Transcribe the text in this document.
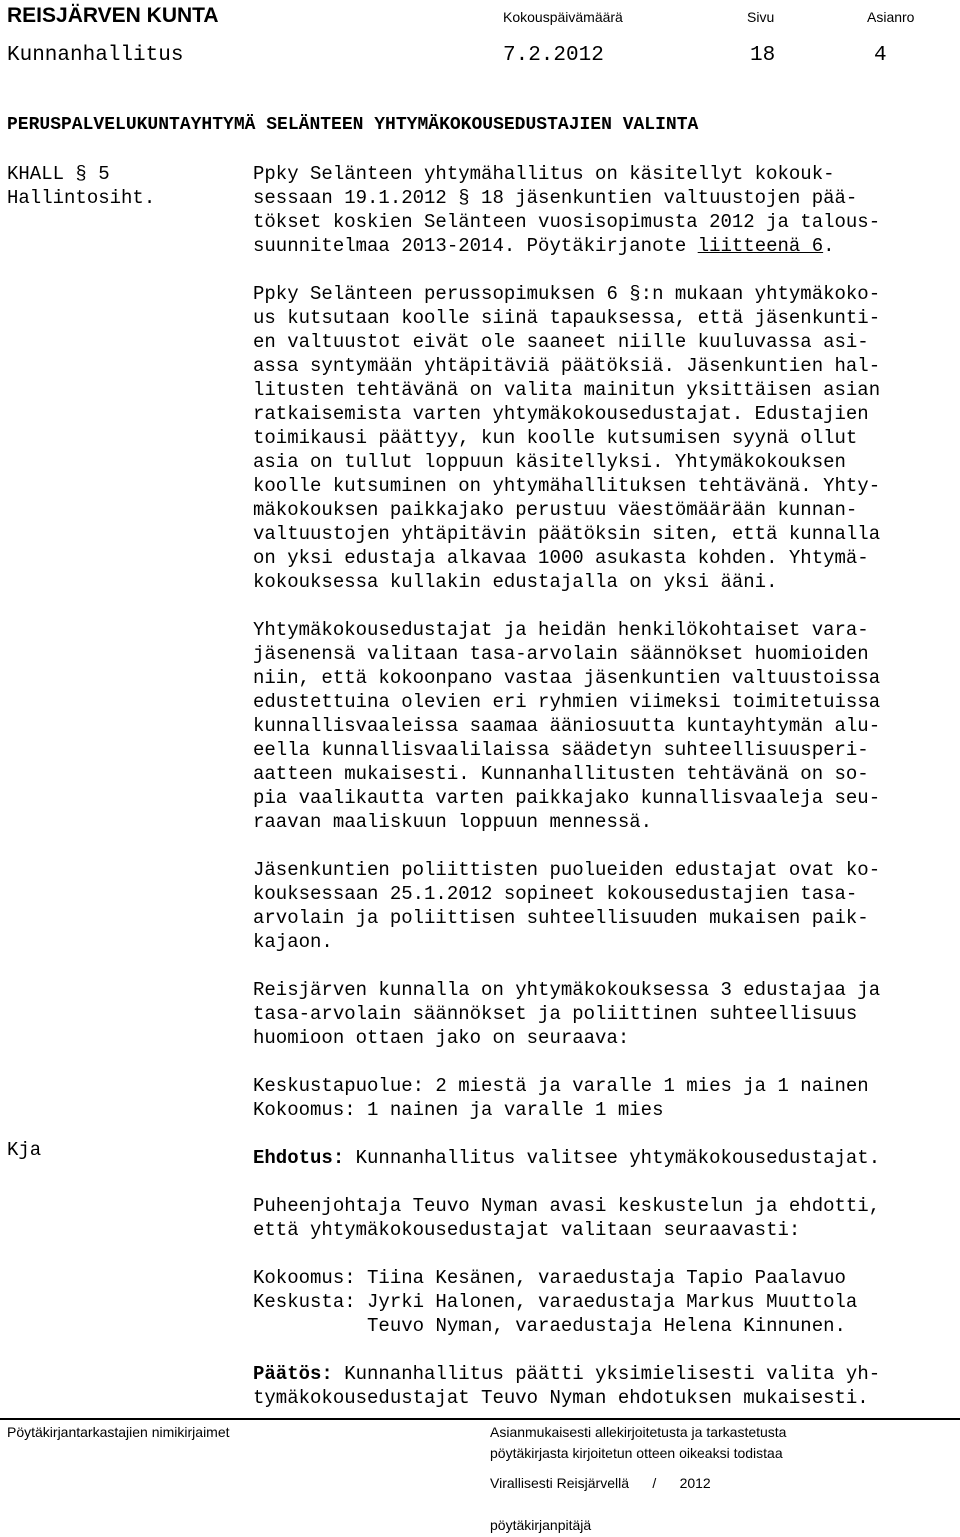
REISJÄRVEN KUNTA	Kokouspäivämäärä	Sivu	Asianro
Kunnanhallitus	7.2.2012	18	4
PERUSPALVELUKUNTAYHTYMÄ SELÄNTEEN YHTYMÄKOKOUSEDUSTAJIEN VALINTA
KHALL § 5
Hallintosiht.
Kja

Ppky Selänteen yhtymähallitus on käsitellyt kokouk-
sessaan 19.1.2012 § 18 jäsenkuntien valtuustojen pää-
tökset koskien Selänteen vuosisopimusta 2012 ja talous-
suunnitelmaa 2013-2014. Pöytäkirjanote liitteenä 6.

Ppky Selänteen perussopimuksen 6 §:n mukaan yhtymäkoko-
us kutsutaan koolle siinä tapauksessa, että jäsenkunti-
en valtuustot eivät ole saaneet niille kuuluvassa asi-
assa syntymään yhtäpitäviä päätöksiä. Jäsenkuntien hal-
litusten tehtävänä on valita mainitun yksittäisen asian
ratkaisemista varten yhtymäkokousedustajat. Edustajien
toimikausi päättyy, kun koolle kutsumisen syynä ollut
asia on tullut loppuun käsitellyksi. Yhtymäkokouksen
koolle kutsuminen on yhtymähallituksen tehtävänä. Yhty-
mäkokouksen paikkajako perustuu väestömäärään kunnan-
valtuustojen yhtäpitävin päätöksin siten, että kunnalla
on yksi edustaja alkavaa 1000 asukasta kohden. Yhtymä-
kokouksessa kullakin edustajalla on yksi ääni.

Yhtymäkokousedustajat ja heidän henkilökohtaiset vara-
jäsenensä valitaan tasa-arvolain säännökset huomioiden
niin, että kokoonpano vastaa jäsenkuntien valtuustoissa
edustettuina olevien eri ryhmien viimeksi toimitetuissa
kunnallisvaaleissa saamaa ääniosuutta kuntayhtymän alu-
eella kunnallisvaalilaissa säädetyn suhteellisuusperi-
aatteen mukaisesti. Kunnanhallitusten tehtävänä on so-
pia vaalikautta varten paikkajako kunnallisvaaleja seu-
raavan maaliskuun loppuun mennessä.

Jäsenkuntien poliittisten puolueiden edustajat ovat ko-
kouksessaan 25.1.2012 sopineet kokousedustajien tasa-
arvolain ja poliittisen suhteellisuuden mukaisen paik-
kajaon.

Reisjärven kunnalla on yhtymäkokouksessa 3 edustajaa ja
tasa-arvolain säännökset ja poliittinen suhteellisuus
huomioon ottaen jako on seuraava:

Keskustapuolue: 2 miestä ja varalle 1 mies ja 1 nainen
Kokoomus: 1 nainen ja varalle 1 mies

Ehdotus: Kunnanhallitus valitsee yhtymäkokousedustajat.

Puheenjohtaja Teuvo Nyman avasi keskustelun ja ehdotti,
että yhtymäkokousedustajat valitaan seuraavasti:

Kokoomus: Tiina Kesänen, varaedustaja Tapio Paalavuo
Keskusta: Jyrki Halonen, varaedustaja Markus Muuttola
Teuvo Nyman, varaedustaja Helena Kinnunen.

Päätös: Kunnanhallitus päätti yksimielisesti valita yh-
tymäkokousedustajat Teuvo Nyman ehdotuksen mukaisesti.

Pöytäkirjantarkastajien nimikirjaimet	Asianmukaisesti allekirjoitetusta ja tarkastetusta
pöytäkirjasta kirjoitetun otteen oikeaksi todistaa
Virallisesti Reisjärvellä      /      2012
pöytäkirjanpitäjä
